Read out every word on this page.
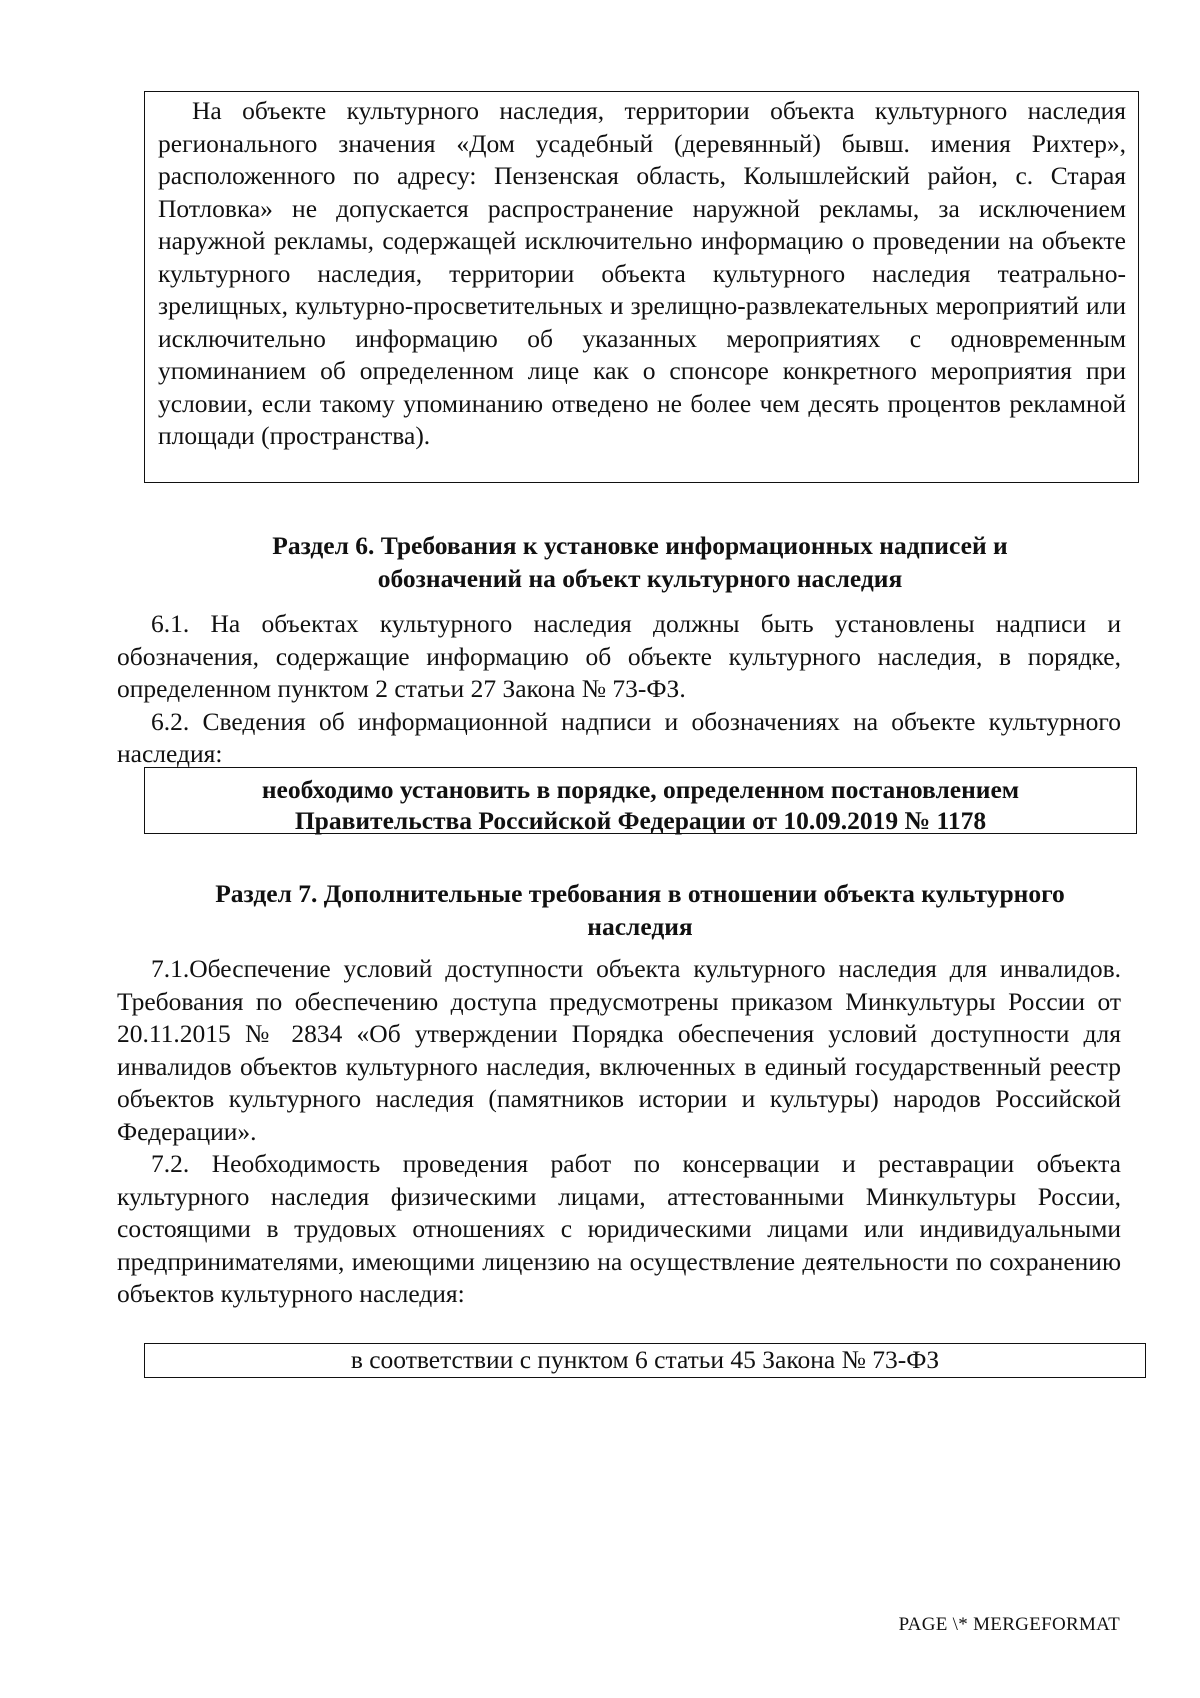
На объекте культурного наследия, территории объекта культурного наследия регионального значения «Дом усадебный (деревянный) бывш. имения Рихтер», расположенного по адресу: Пензенская область, Колышлейский район, с. Старая Потловка» не допускается распространение наружной рекламы, за исключением наружной рекламы, содержащей исключительно информацию о проведении на объекте культурного наследия, территории объекта культурного наследия театрально-зрелищных, культурно-просветительных и зрелищно-развлекательных мероприятий или исключительно информацию об указанных мероприятиях с одновременным упоминанием об определенном лице как о спонсоре конкретного мероприятия при условии, если такому упоминанию отведено не более чем десять процентов рекламной площади (пространства).

Раздел 6. Требования к установке информационных надписей и
обозначений на объект культурного наследия

6.1. На объектах культурного наследия должны быть установлены надписи и обозначения, содержащие информацию об объекте культурного наследия, в порядке, определенном пунктом 2 статьи 27 Закона № 73-ФЗ.

6.2. Сведения об информационной надписи и обозначениях на объекте культурного наследия:

необходимо установить в порядке, определенном постановлением

Правительства Российской Федерации от 10.09.2019 № 1178

Раздел 7. Дополнительные требования в отношении объекта культурного
наследия

7.1.Обеспечение условий доступности объекта культурного наследия для инвалидов. Требования по обеспечению доступа предусмотрены приказом Минкультуры России от 20.11.2015 № 2834 «Об утверждении Порядка обеспечения условий доступности для инвалидов объектов культурного наследия, включенных в единый государственный реестр объектов культурного наследия (памятников истории и культуры) народов Российской Федерации».

7.2. Необходимость проведения работ по консервации и реставрации объекта культурного наследия физическими лицами, аттестованными Минкультуры России, состоящими в трудовых отношениях с юридическими лицами или индивидуальными предпринимателями, имеющими лицензию на осуществление деятельности по сохранению объектов культурного наследия:

в соответствии с пунктом 6 статьи 45 Закона № 73-ФЗ

PAGE \* MERGEFORMAT
